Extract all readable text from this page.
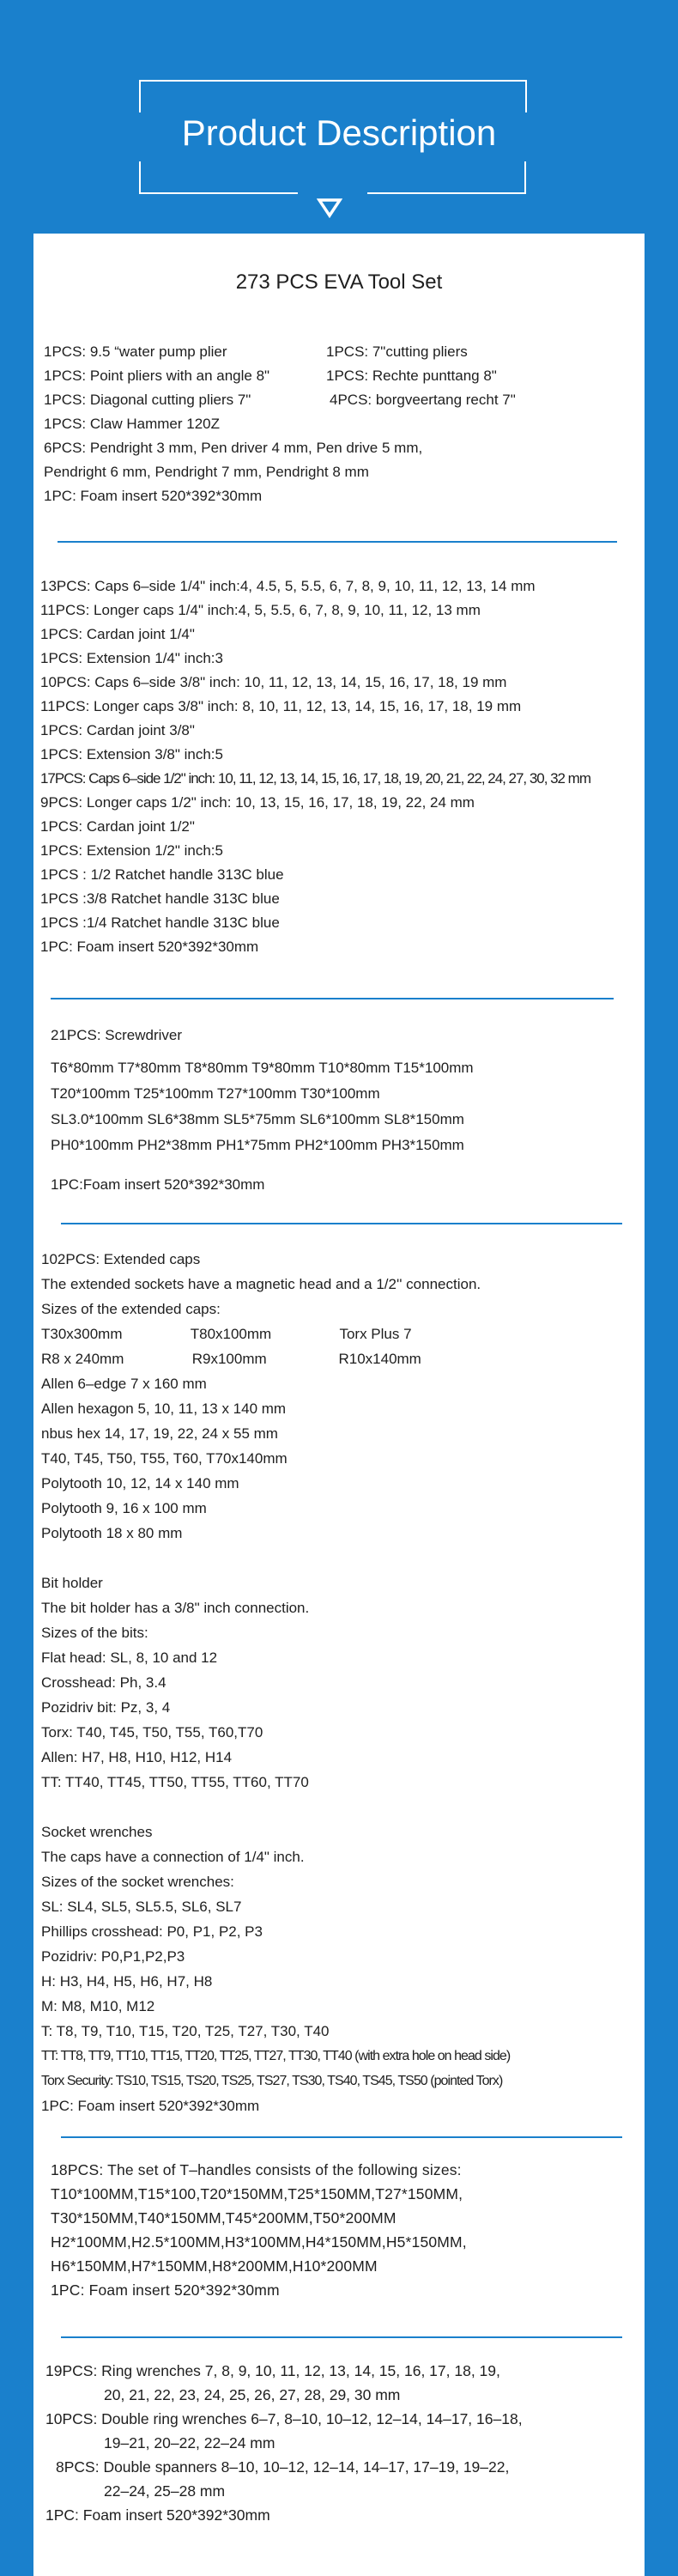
Product Description
273 PCS EVA Tool Set
1PCS: 9.5 “water pump plier	1PCS: 7"cutting pliers
1PCS: Point pliers with an angle 8"	1PCS: Rechte punttang 8"
1PCS: Diagonal cutting pliers 7"	4PCS: borgveertang recht 7"
1PCS: Claw Hammer 120Z
6PCS: Pendright 3 mm, Pen driver 4 mm, Pen drive 5 mm,
Pendright 6 mm, Pendright 7 mm, Pendright 8 mm
1PC: Foam insert 520*392*30mm
13PCS: Caps 6–side 1/4" inch:4, 4.5, 5, 5.5, 6, 7, 8, 9, 10, 11, 12, 13, 14 mm
11PCS: Longer caps 1/4" inch:4, 5, 5.5, 6, 7, 8, 9, 10, 11, 12, 13 mm
1PCS: Cardan joint 1/4"
1PCS: Extension 1/4" inch:3
10PCS: Caps 6–side 3/8" inch: 10, 11, 12, 13, 14, 15, 16, 17, 18, 19 mm
11PCS: Longer caps 3/8" inch: 8, 10, 11, 12, 13, 14, 15, 16, 17, 18, 19 mm
1PCS: Cardan joint 3/8"
1PCS: Extension 3/8" inch:5
17PCS: Caps 6–side 1/2" inch: 10, 11, 12, 13, 14, 15, 16, 17, 18, 19, 20, 21, 22, 24, 27, 30, 32 mm
9PCS: Longer caps 1/2" inch: 10, 13, 15, 16, 17, 18, 19, 22, 24 mm
1PCS: Cardan joint 1/2"
1PCS: Extension 1/2" inch:5
1PCS : 1/2 Ratchet handle 313C blue
1PCS :3/8 Ratchet handle 313C blue
1PCS :1/4 Ratchet handle 313C blue
1PC: Foam insert 520*392*30mm
21PCS: Screwdriver
T6*80mm T7*80mm T8*80mm T9*80mm T10*80mm T15*100mm
T20*100mm T25*100mm T27*100mm T30*100mm
SL3.0*100mm SL6*38mm SL5*75mm SL6*100mm SL8*150mm
PH0*100mm PH2*38mm PH1*75mm PH2*100mm PH3*150mm
1PC:Foam insert 520*392*30mm
102PCS: Extended caps
The extended sockets have a magnetic head and a 1/2'' connection.
Sizes of the extended caps:
T30x300mm	T80x100mm	Torx Plus 7
R8 x 240mm	R9x100mm	R10x140mm
Allen 6–edge 7 x 160 mm
Allen hexagon 5, 10, 11, 13 x 140 mm
nbus hex 14, 17, 19, 22, 24 x 55 mm
T40, T45, T50, T55, T60, T70x140mm
Polytooth 10, 12, 14 x 140 mm
Polytooth 9, 16 x 100 mm
Polytooth 18 x 80 mm
Bit holder
The bit holder has a 3/8" inch connection.
Sizes of the bits:
Flat head: SL, 8, 10 and 12
Crosshead: Ph, 3.4
Pozidriv bit: Pz, 3, 4
Torx: T40, T45, T50, T55, T60,T70
Allen: H7, H8, H10, H12, H14
TT: TT40, TT45, TT50, TT55, TT60, TT70
Socket wrenches
The caps have a connection of 1/4" inch.
Sizes of the socket wrenches:
SL: SL4, SL5, SL5.5, SL6, SL7
Phillips crosshead: P0, P1, P2, P3
Pozidriv: P0,P1,P2,P3
H: H3, H4, H5, H6, H7, H8
M: M8, M10, M12
T: T8, T9, T10, T15, T20, T25, T27, T30, T40
TT: TT8, TT9, TT10, TT15, TT20, TT25, TT27, TT30, TT40 (with extra hole on head side)
Torx Security: TS10, TS15, TS20, TS25, TS27, TS30, TS40, TS45, TS50 (pointed Torx)
1PC: Foam insert 520*392*30mm
18PCS: The set of T–handles consists of the following sizes:
T10*100MM,T15*100,T20*150MM,T25*150MM,T27*150MM,
T30*150MM,T40*150MM,T45*200MM,T50*200MM
H2*100MM,H2.5*100MM,H3*100MM,H4*150MM,H5*150MM,
H6*150MM,H7*150MM,H8*200MM,H10*200MM
1PC: Foam insert 520*392*30mm
19PCS: Ring wrenches 7, 8, 9, 10, 11, 12, 13, 14, 15, 16, 17, 18, 19,
20, 21, 22, 23, 24, 25, 26, 27, 28, 29, 30 mm
10PCS: Double ring wrenches 6–7, 8–10, 10–12, 12–14, 14–17, 16–18,
19–21, 20–22, 22–24 mm
8PCS: Double spanners 8–10, 10–12, 12–14, 14–17, 17–19, 19–22,
22–24, 25–28 mm
1PC: Foam insert 520*392*30mm
